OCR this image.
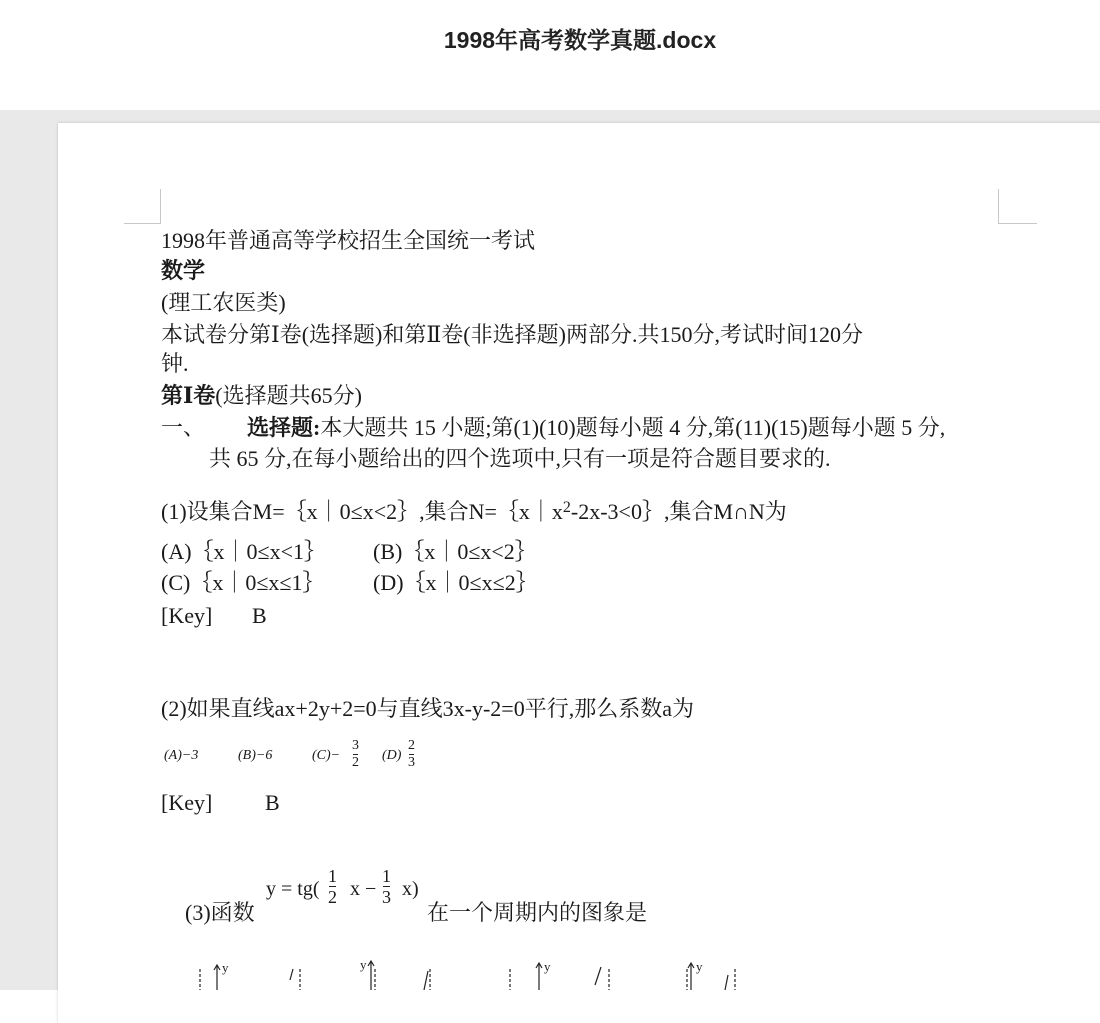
1998年高考数学真题.docx
1998年普通高等学校招生全国统一考试
数学
(理工农医类)
本试卷分第Ⅰ卷(选择题)和第Ⅱ卷(非选择题)两部分.共150分,考试时间120分
钟.
第Ⅰ卷(选择题共65分)
一、 选择题:本大题共 15 小题;第(1)(10)题每小题 4 分,第(11)(15)题每小题 5 分,
共 65 分,在每小题给出的四个选项中,只有一项是符合题目要求的.
(1)设集合M=｛x｜0≤x<2｝,集合$N=\{x|x^2-2x-3<0\}$,集合M∩N为
(A)｛x｜0≤x<1｝ (B)｛x｜0≤x<2｝
(C)｛x｜0≤x≤1｝ (D)｛x｜0≤x≤2｝
[Key] B
(2)如果直线ax+2y+2=0与直线3x-y-2=0平行,那么系数a为
(A)−3	(B)−6	(C)−
3
2 (D)
2
3
[Key] B
(3)函数
y = tg(
1
2 x −
1
3 x)
在一个周期内的图象是
y	y	y	y
